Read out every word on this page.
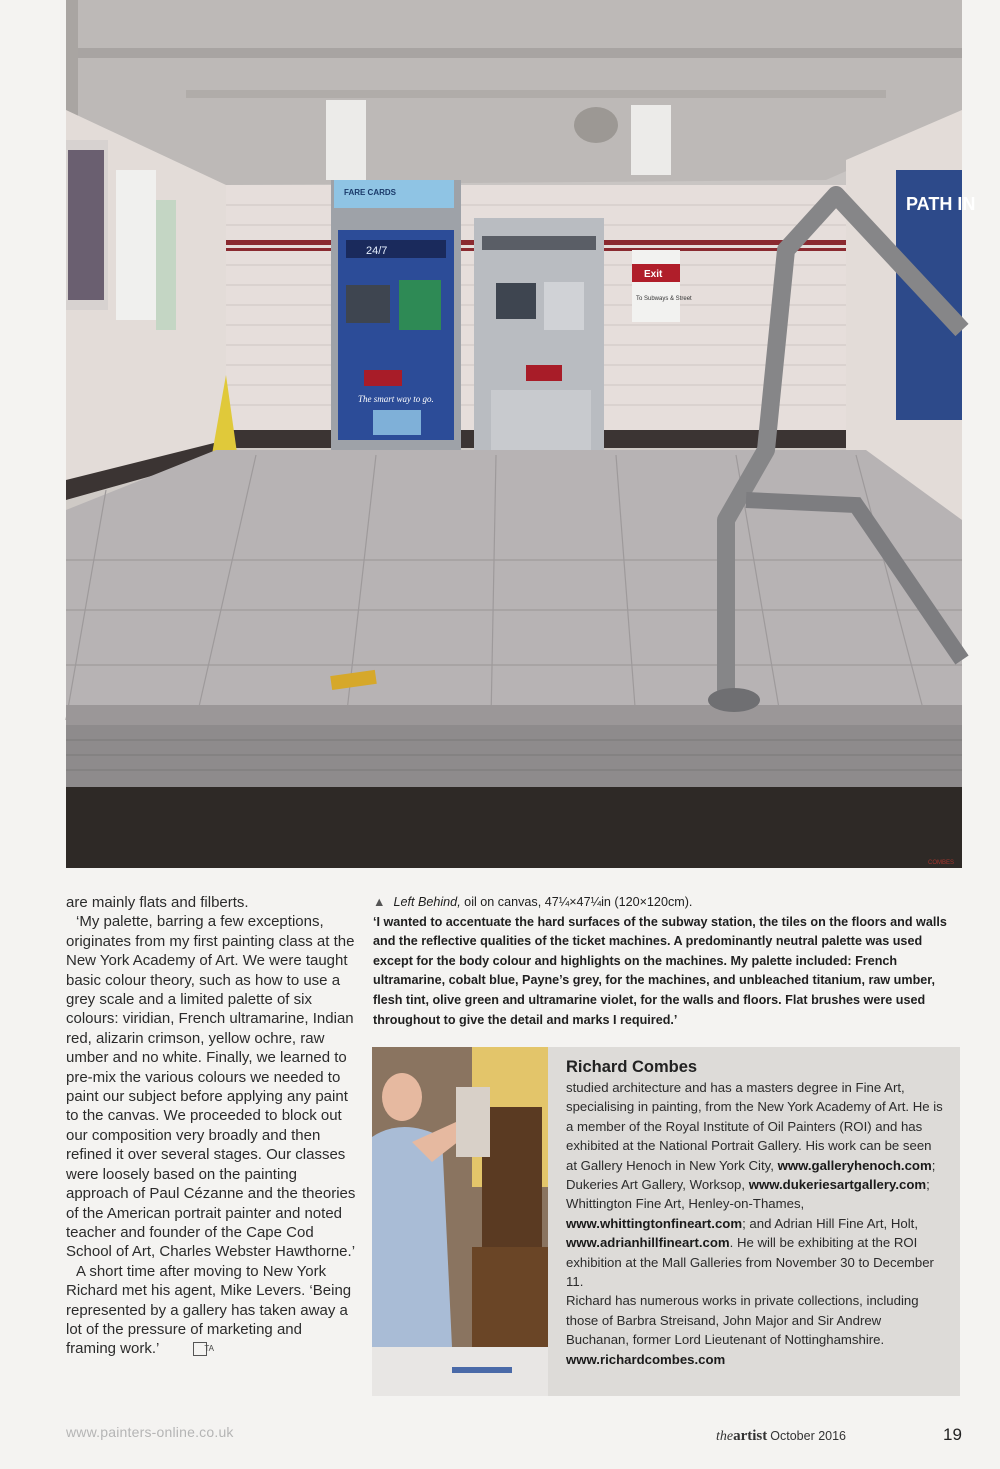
PATH IN
24/7
The smart way to go.
FARE CARDS
Exit
To Subways & Street
COMBES

are mainly flats and filberts.

‘My palette, barring a few exceptions, originates from my first painting class at the New York Academy of Art. We were taught basic colour theory, such as how to use a grey scale and a limited palette of six colours: viridian, French ultramarine, Indian red, alizarin crimson, yellow ochre, raw umber and no white. Finally, we learned to pre-mix the various colours we needed to paint our subject before applying any paint to the canvas. We proceeded to block out our composition very broadly and then refined it over several stages. Our classes were loosely based on the painting approach of Paul Cézanne and the theories of the American portrait painter and noted teacher and founder of the Cape Cod School of Art, Charles Webster Hawthorne.’

A short time after moving to New York Richard met his agent, Mike Levers. ‘Being represented by a gallery has taken away a lot of the pressure of marketing and framing work.’	TA

▲ Left Behind, oil on canvas, 47¼×47¼in (120×120cm).
‘I wanted to accentuate the hard surfaces of the subway station, the tiles on the floors and walls and the reflective qualities of the ticket machines. A predominantly neutral palette was used except for the body colour and highlights on the machines. My palette included: French ultramarine, cobalt blue, Payne’s grey, for the machines, and unbleached titanium, raw umber, flesh tint, olive green and ultramarine violet, for the walls and floors. Flat brushes were used throughout to give the detail and marks I required.’
Richard Combes
studied architecture and has a masters degree in Fine Art, specialising in painting, from the New York Academy of Art. He is a member of the Royal Institute of Oil Painters (ROI) and has exhibited at the National Portrait Gallery. His work can be seen at Gallery Henoch in New York City, www.galleryhenoch.com; Dukeries Art Gallery, Worksop, www.dukeriesartgallery.com; Whittington Fine Art, Henley-on-Thames, www.whittingtonfineart.com; and Adrian Hill Fine Art, Holt, www.adrianhillfineart.com. He will be exhibiting at the ROI exhibition at the Mall Galleries from November 30 to December 11.
Richard has numerous works in private collections, including those of Barbra Streisand, John Major and Sir Andrew Buchanan, former Lord Lieutenant of Nottinghamshire. www.richardcombes.com
www.painters-online.co.uk	theartist October 2016	19
